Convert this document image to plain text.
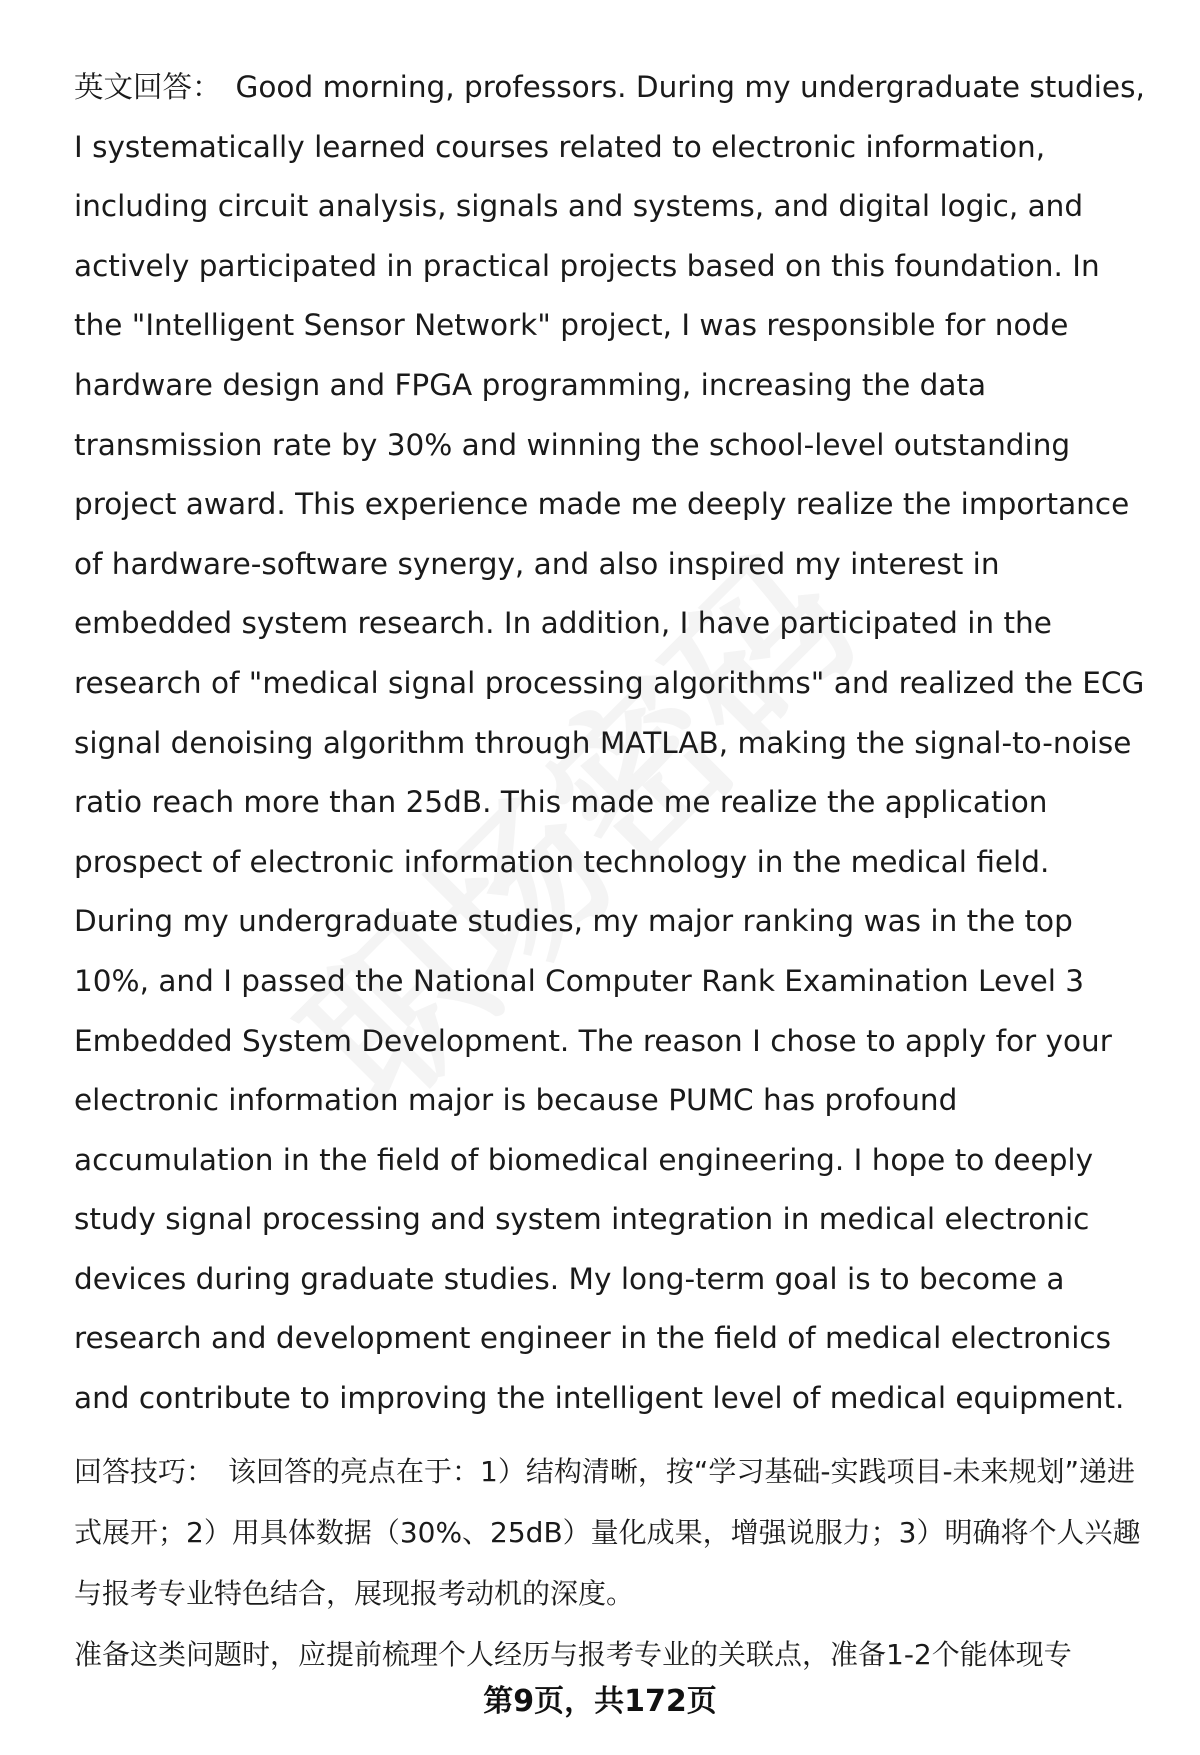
英文回答： Good morning, professors. During my undergraduate studies, I systematically learned courses related to electronic information, including circuit analysis, signals and systems, and digital logic, and actively participated in practical projects based on this foundation. In the "Intelligent Sensor Network" project, I was responsible for node hardware design and FPGA programming, increasing the data transmission rate by 30% and winning the school-level outstanding project award. This experience made me deeply realize the importance of hardware-software synergy, and also inspired my interest in embedded system research. In addition, I have participated in the research of "medical signal processing algorithms" and realized the ECG signal denoising algorithm through MATLAB, making the signal-to-noise ratio reach more than 25dB. This made me realize the application prospect of electronic information technology in the medical field. During my undergraduate studies, my major ranking was in the top 10%, and I passed the National Computer Rank Examination Level 3 Embedded System Development. The reason I chose to apply for your electronic information major is because PUMC has profound accumulation in the field of biomedical engineering. I hope to deeply study signal processing and system integration in medical electronic devices during graduate studies. My long-term goal is to become a research and development engineer in the field of medical electronics and contribute to improving the intelligent level of medical equipment.

回答技巧： 该回答的亮点在于：1）结构清晰，按“学习基础-实践项目-未来规划”递进式展开；2）用具体数据（30%、25dB）量化成果，增强说服力；3）明确将个人兴趣与报考专业特色结合，展现报考动机的深度。

准备这类问题时，应提前梳理个人经历与报考专业的关联点，准备1-2个能体现专

第9页，共172页
